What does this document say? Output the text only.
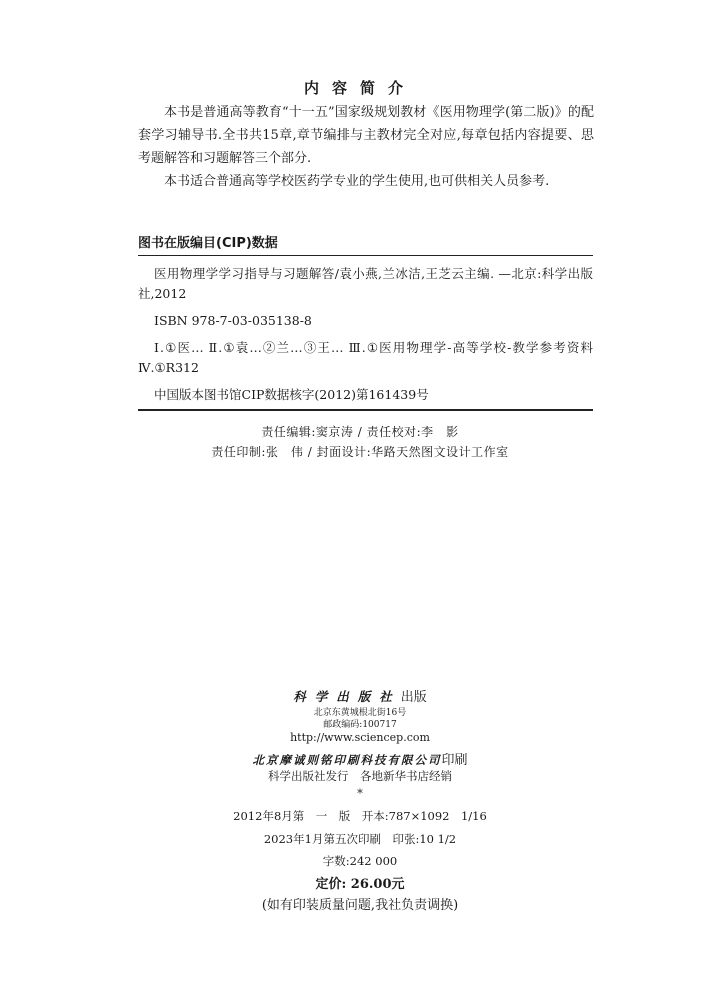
内容简介
本书是普通高等教育“十一五”国家级规划教材《医用物理学(第二版)》的配套学习辅导书.全书共15章,章节编排与主教材完全对应,每章包括内容提要、思考题解答和习题解答三个部分.
本书适合普通高等学校医药学专业的学生使用,也可供相关人员参考.
图书在版编目(CIP)数据
医用物理学学习指导与习题解答/袁小燕,兰冰洁,王芝云主编. —北京:科学出版社,2012
ISBN 978-7-03-035138-8
Ⅰ.①医… Ⅱ.①袁…②兰…③王… Ⅲ.①医用物理学-高等学校-教学参考资料 Ⅳ.①R312
中国版本图书馆CIP数据核字(2012)第161439号
责任编辑:窦京涛 / 责任校对:李　影
责任印制:张　伟 / 封面设计:华路天然图文设计工作室
科学出版社出版
北京东黄城根北街16号
邮政编码:100717
http://www.sciencep.com
北京摩诚则铭印刷科技有限公司印刷
科学出版社发行　各地新华书店经销
*
2012年8月第　一　版　开本:787×1092　1/16
2023年1月第五次印刷　印张:10 1/2
字数:242 000
定价: 26.00元
(如有印装质量问题,我社负责调换)
